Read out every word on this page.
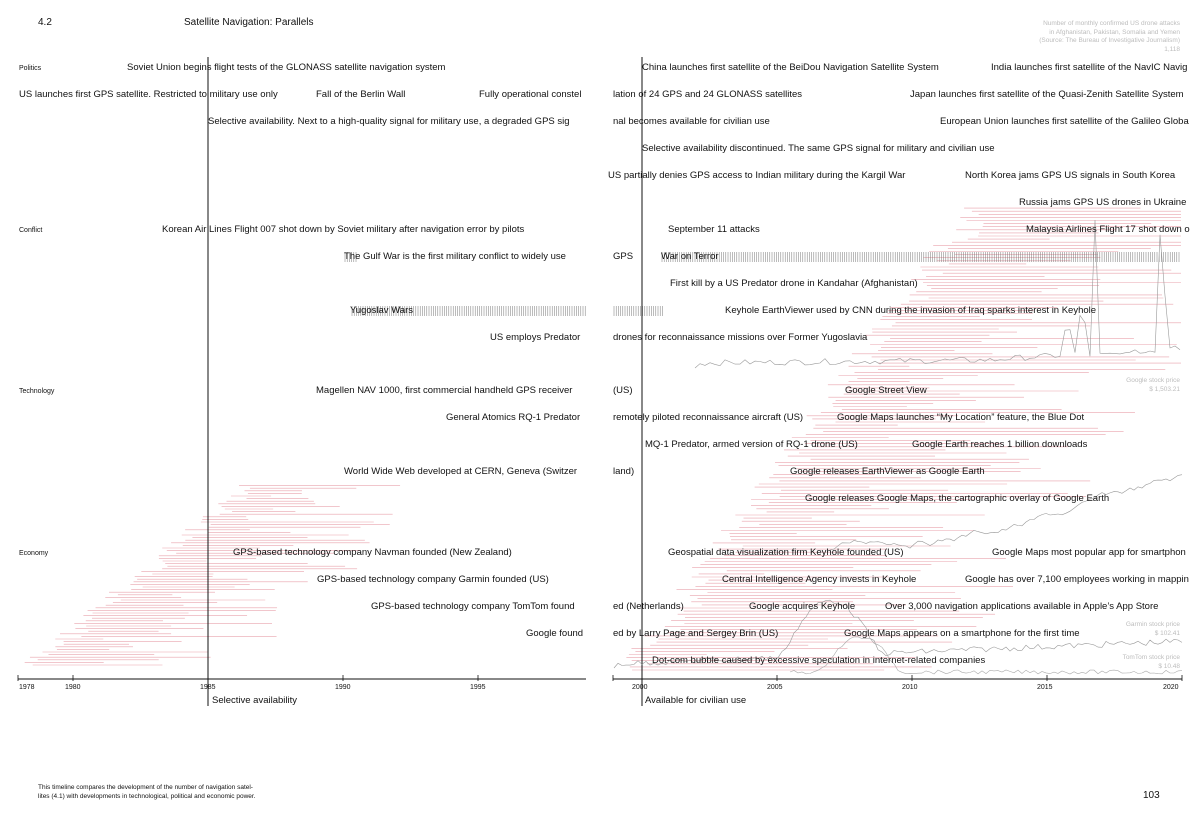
4.2	Satellite Navigation: Parallels
Politics
Conflict
Technology
Economy
Soviet Union begins flight tests of the GLONASS satellite navigation system	China launches first satellite of the BeiDou Navigation Satellite System	India launches first satellite of the NavIC Navig
US launches first GPS satellite. Restricted to military use only	Fall of the Berlin Wall	Fully operational constel	lation of 24 GPS and 24 GLONASS satellites	Japan launches first satellite of the Quasi-Zenith Satellite System
Selective availability. Next to a high-quality signal for military use, a degraded GPS sig	nal becomes available for civilian use	European Union launches first satellite of the Galileo Globa
Selective availability discontinued. The same GPS signal for military and civilian use
US partially denies GPS access to Indian military during the Kargil War	North Korea jams GPS US signals in South Korea
Russia jams GPS US drones in Ukraine
Korean Air Lines Flight 007 shot down by Soviet military after navigation error by pilots	September 11 attacks	Malaysia Airlines Flight 17 shot down o
The Gulf War is the first military conflict to widely use	GPS	War on Terror
First kill by a US Predator drone in Kandahar (Afghanistan)
Yugoslav Wars	Keyhole EarthViewer used by CNN during the invasion of Iraq sparks interest in Keyhole
US employs Predator	drones for reconnaissance missions over Former Yugoslavia
Magellen NAV 1000, first commercial handheld GPS receiver	(US)	Google Street View
General Atomics RQ-1 Predator	remotely piloted reconnaissance aircraft (US)	Google Maps launches “My Location” feature, the Blue Dot
MQ-1 Predator, armed version of RQ-1 drone (US)	Google Earth reaches 1 billion downloads
World Wide Web developed at CERN, Geneva (Switzer	land)	Google releases EarthViewer as Google Earth
Google releases Google Maps, the cartographic overlay of Google Earth
GPS-based technology company Navman founded (New Zealand)	Geospatial data visualization firm Keyhole founded (US)	Google Maps most popular app for smartphon
GPS-based technology company Garmin founded (US)	Central Intelligence Agency invests in Keyhole	Google has over 7,100 employees working in mappin
GPS-based technology company TomTom found	ed (Netherlands)	Google acquires Keyhole	Over 3,000 navigation applications available in Apple’s App Store
Google found	ed by Larry Page and Sergey Brin (US)	Google Maps appears on a smartphone for the first time
Dot-com bubble caused by excessive speculation in internet-related companies
1978	1980	1985	1990	1995	2000	2005	2010	2015	2020
Selective availability	Available for civilian use
Number of monthly confirmed US drone attacks
in Afghanistan, Pakistan, Somalia and Yemen
(Source: The Bureau of Investigative Journalism)
1,118
Google stock price
$ 1,503.21
Garmin stock price
$ 102.41
TomTom stock price
$ 10.48
This timeline compares the development of the number of navigation satel-
lites (4.1) with developments in technological, political and economic power.	103
